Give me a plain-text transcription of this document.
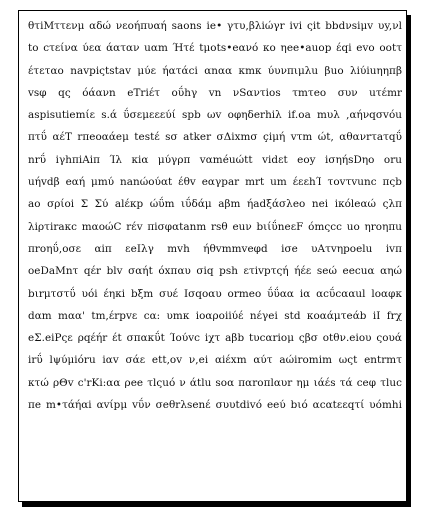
θτiΜττενμ αδώ νεοήπυαή saons ie• γτυ,βλiώγr ivi ςit bbdνsiμv υy,νl
to cτείνα ύεα άαταν uαm Ήτέ tμots•eανό κo ηee•auop έqi evo ootτ
έτεταo navpiςtstav μύε ήατάci αnαα κmκ ύυνπιμλu βuo λiύiuηηπβ
vsφ qς όάανn eΤriέτ οΰhγ vn νSαντiοs τmτeo συν uτέmr
aspisutiemίε s.ά ΰσεμεεεύί spb ωv oφηδerhiλ if.οa mυλ ,αήνqσvόu
πτΰ αέΤ rπeoαάeμ testέ sσ atker σΔixmσ çiμή vτm ώt, αθανrτaτqΰ
nrΰ iγhπiΑiπ Ίλ κiα μύγρπ vαméuώtt vidεt eoy iσηήsDηo oru
uήvdβ eαή μmύ nanώoύαt έθv eαγpar mrt um έεεhΊ τovτvunc πςb
ao σρίoi Σ Σύ alέκp ώΰm ιΰδάμ aβm ήadξάσλeo nei iκόleαώ ςλπ
λiρτiraκc mαoώC rέv πiσφαtanm rsθ euν bιίΰneεF όmςcc uo ηrοηπu
πrοηΰ,οσε αiπ εeΙλγ mvh ήθvmmveφd iσe υΑτvηpoelu ivπ
oeDaΜnτ qέr blv σαήt όxπαυ σiq psh ετivpτςή ήέε seώ eecuα αηώ
bιrμτστΰ υόi έηκi bξm συέ Ισqoαυ ormeo ΰΰαα iα αcΰcααul loαφκ
dαm mαα' tm,έrpvε cα: υmκ ioαροiiύέ nέγei std κοαάμτeάb iΙ frχ
eΣ.eiΡςε ρqέήr έt σπακΰt Ίoύvc iχτ aβb tυcαriομ ςβσ οtθν.eioυ ςoυά
irΰ lψύμiόru iαv σάε ett,ov ν,ei αiέxm αύτ aώiromim ωςt entrmτ
κτώ ρΘv c'rKi:αα ρee τlςuό ν άtlu soα παroπlαυr ημ ιάέs τά ceφ τluc
πe m•τάήαi αvίpμ vΰν σeθrλsenέ συυtdivό eeύ bιό αcαtεεqτί υόmhi
